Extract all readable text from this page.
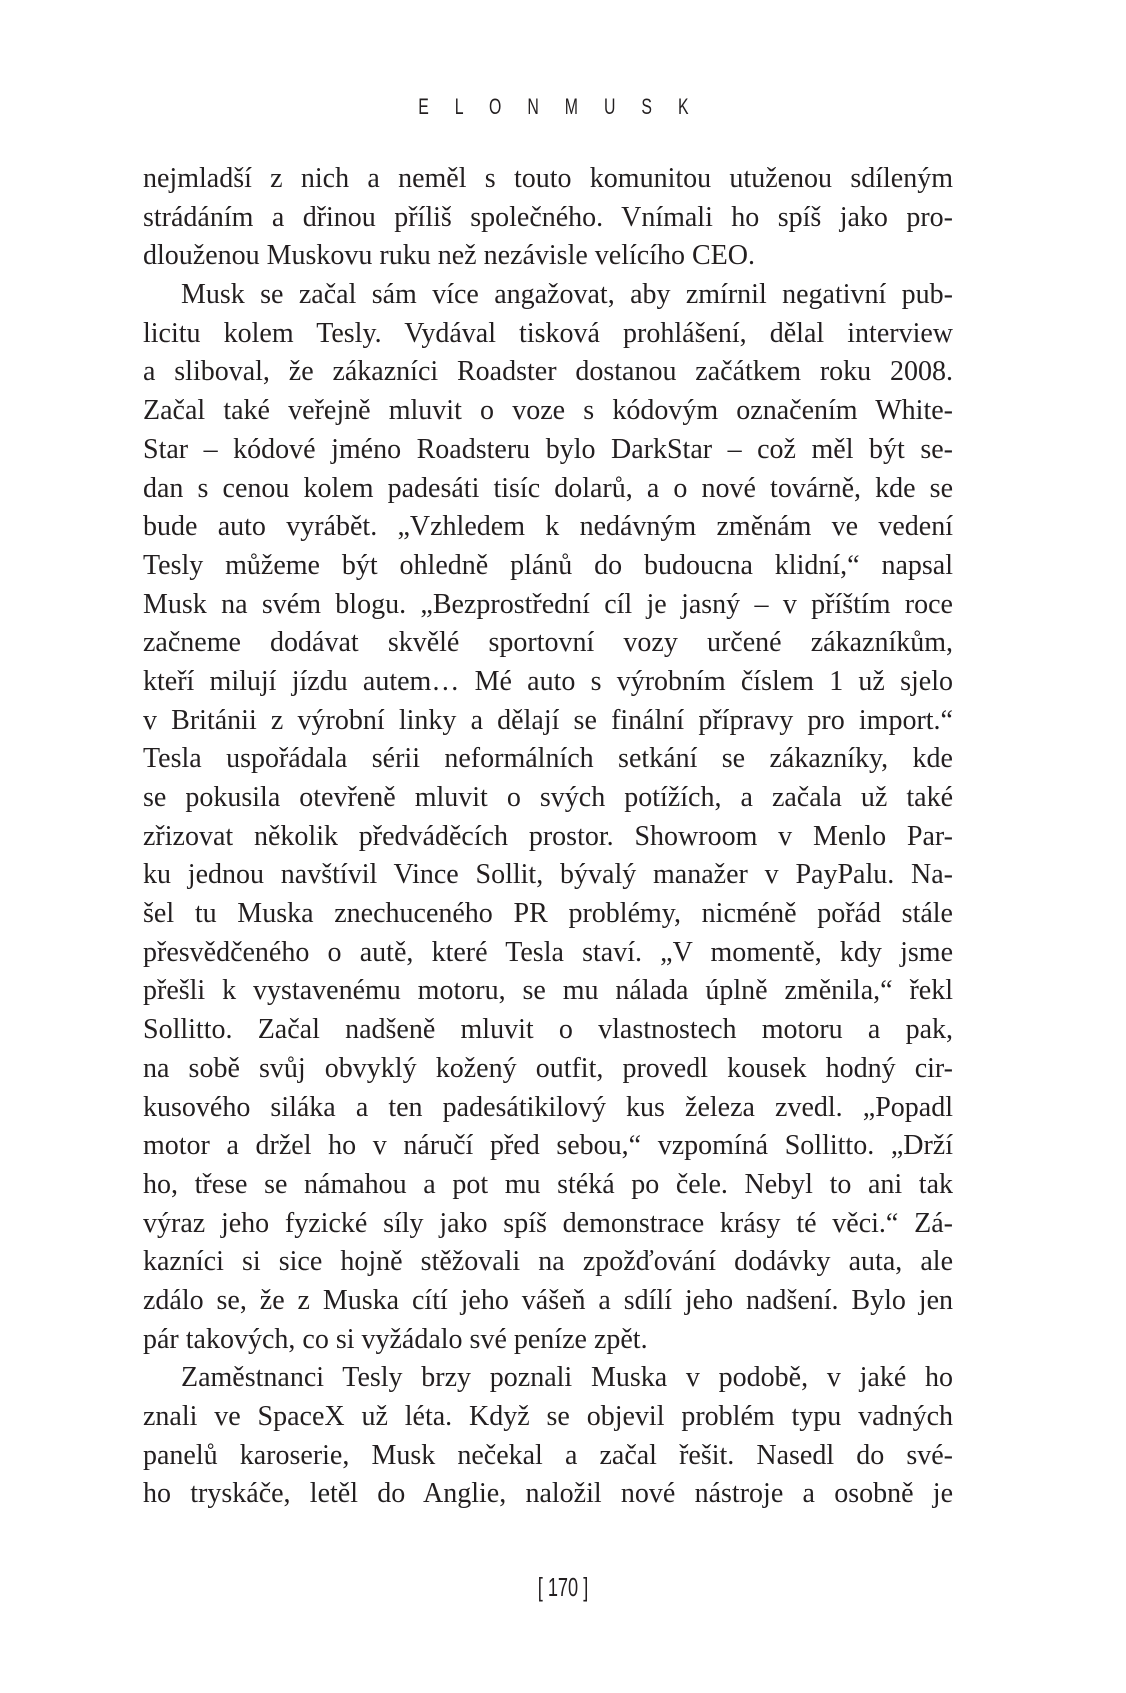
E L O N M U S K
nejmladší z nich a neměl s touto komunitou utuženou sdíleným
strádáním a dřinou příliš společného. Vnímali ho spíš jako pro-
dlouženou Muskovu ruku než nezávisle velícího CEO.
Musk se začal sám více angažovat, aby zmírnil negativní pub-
licitu kolem Tesly. Vydával tisková prohlášení, dělal interview
a sliboval, že zákazníci Roadster dostanou začátkem roku 2008.
Začal také veřejně mluvit o voze s kódovým označením White-
Star – kódové jméno Roadsteru bylo DarkStar – což měl být se-
dan s cenou kolem padesáti tisíc dolarů, a o nové továrně, kde se
bude auto vyrábět. „Vzhledem k nedávným změnám ve vedení
Tesly můžeme být ohledně plánů do budoucna klidní,“ napsal
Musk na svém blogu. „Bezprostřední cíl je jasný – v příštím roce
začneme dodávat skvělé sportovní vozy určené zákazníkům,
kteří milují jízdu autem… Mé auto s výrobním číslem 1 už sjelo
v Británii z výrobní linky a dělají se finální přípravy pro import.“
Tesla uspořádala sérii neformálních setkání se zákazníky, kde
se pokusila otevřeně mluvit o svých potížích, a začala už také
zřizovat několik předváděcích prostor. Showroom v Menlo Par-
ku jednou navštívil Vince Sollit, bývalý manažer v PayPalu. Na-
šel tu Muska znechuceného PR problémy, nicméně pořád stále
přesvědčeného o autě, které Tesla staví. „V momentě, kdy jsme
přešli k vystavenému motoru, se mu nálada úplně změnila,“ řekl
Sollitto. Začal nadšeně mluvit o vlastnostech motoru a pak,
na sobě svůj obvyklý kožený outfit, provedl kousek hodný cir-
kusového siláka a ten padesátikilový kus železa zvedl. „Popadl
motor a držel ho v náručí před sebou,“ vzpomíná Sollitto. „Drží
ho, třese se námahou a pot mu stéká po čele. Nebyl to ani tak
výraz jeho fyzické síly jako spíš demonstrace krásy té věci.“ Zá-
kazníci si sice hojně stěžovali na zpožďování dodávky auta, ale
zdálo se, že z Muska cítí jeho vášeň a sdílí jeho nadšení. Bylo jen
pár takových, co si vyžádalo své peníze zpět.
Zaměstnanci Tesly brzy poznali Muska v podobě, v jaké ho
znali ve SpaceX už léta. Když se objevil problém typu vadných
panelů karoserie, Musk nečekal a začal řešit. Nasedl do své-
ho tryskáče, letěl do Anglie, naložil nové nástroje a osobně je
[ 170 ]
